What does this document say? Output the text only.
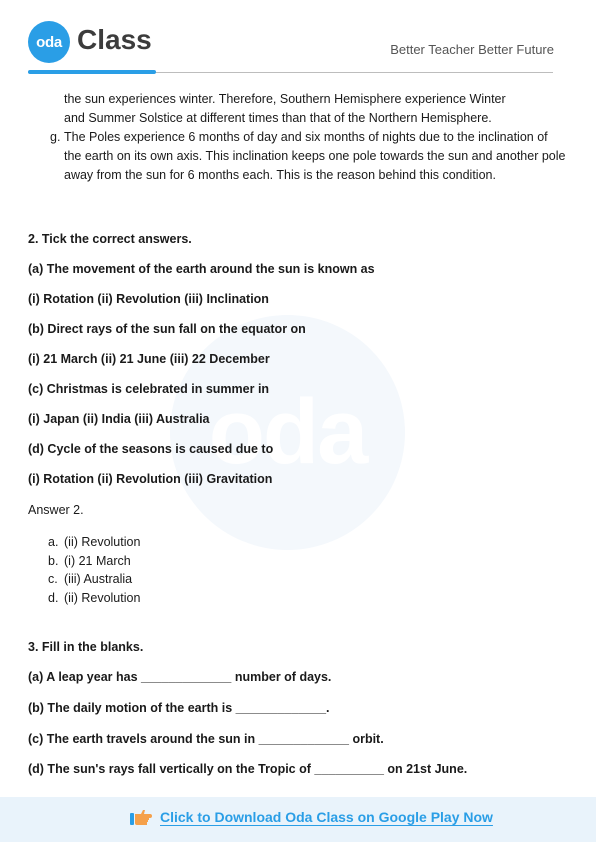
oda Class	Better Teacher Better Future
oda

the sun experiences winter. Therefore, Southern Hemisphere experience Winter

and Summer Solstice at different times than that of the Northern Hemisphere.

g. The Poles experience 6 months of day and six months of nights due to the inclination of the earth on its own axis. This inclination keeps one pole towards the sun and another pole away from the sun for 6 months each. This is the reason behind this condition.
2. Tick the correct answers.
(a) The movement of the earth around the sun is known as
(i) Rotation (ii) Revolution (iii) Inclination
(b) Direct rays of the sun fall on the equator on
(i) 21 March (ii) 21 June (iii) 22 December
(c) Christmas is celebrated in summer in
(i) Japan (ii) India (iii) Australia
(d) Cycle of the seasons is caused due to
(i) Rotation (ii) Revolution (iii) Gravitation
Answer 2.
a. (ii) Revolution
b. (i) 21 March
c. (iii) Australia
d. (ii) Revolution
3. Fill in the blanks.
(a) A leap year has _____________ number of days.
(b) The daily motion of the earth is _____________.
(c) The earth travels around the sun in _____________ orbit.
(d) The sun's rays fall vertically on the Tropic of __________ on 21st June.
Click to Download Oda Class on Google Play Now
